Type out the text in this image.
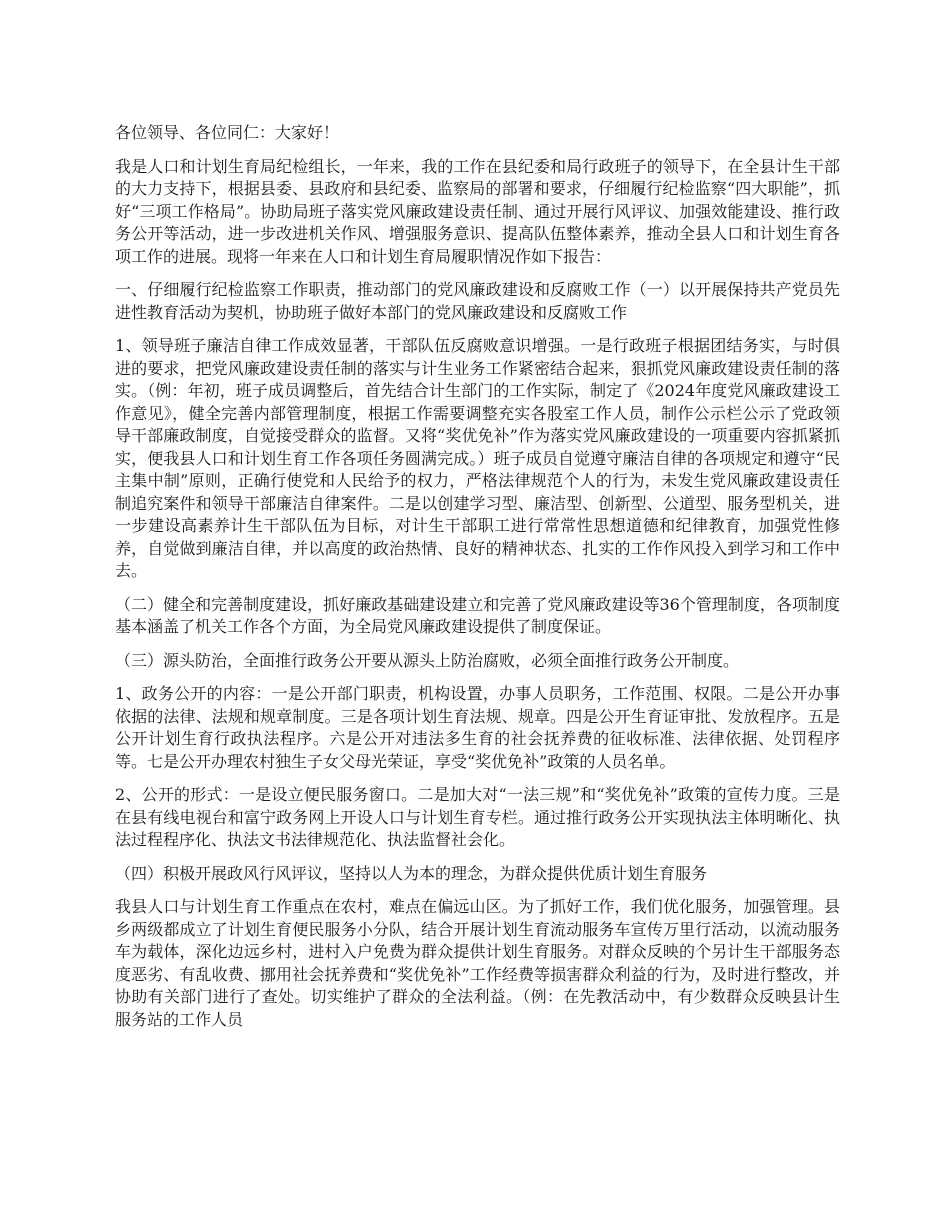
各位领导、各位同仁：大家好！

我是人口和计划生育局纪检组长，一年来，我的工作在县纪委和局行政班子的领导下，在全县计生干部的大力支持下，根据县委、县政府和县纪委、监察局的部署和要求，仔细履行纪检监察“四大职能”，抓好“三项工作格局”。协助局班子落实党风廉政建设责任制、通过开展行风评议、加强效能建设、推行政务公开等活动，进一步改进机关作风、增强服务意识、提高队伍整体素养，推动全县人口和计划生育各项工作的进展。现将一年来在人口和计划生育局履职情况作如下报告：

一、仔细履行纪检监察工作职责，推动部门的党风廉政建设和反腐败工作（一）以开展保持共产党员先进性教育活动为契机，协助班子做好本部门的党风廉政建设和反腐败工作

1、领导班子廉洁自律工作成效显著，干部队伍反腐败意识增强。一是行政班子根据团结务实，与时俱进的要求，把党风廉政建设责任制的落实与计生业务工作紧密结合起来，狠抓党风廉政建设责任制的落实。（例：年初，班子成员调整后，首先结合计生部门的工作实际，制定了《2024年度党风廉政建设工作意见》，健全完善内部管理制度，根据工作需要调整充实各股室工作人员，制作公示栏公示了党政领导干部廉政制度，自觉接受群众的监督。又将“奖优免补”作为落实党风廉政建设的一项重要内容抓紧抓实，便我县人口和计划生育工作各项任务圆满完成。）班子成员自觉遵守廉洁自律的各项规定和遵守“民主集中制”原则，正确行使党和人民给予的权力，严格法律规范个人的行为，未发生党风廉政建设责任制追究案件和领导干部廉洁自律案件。二是以创建学习型、廉洁型、创新型、公道型、服务型机关，进一步建设高素养计生干部队伍为目标，对计生干部职工进行常常性思想道德和纪律教育，加强党性修养，自觉做到廉洁自律，并以高度的政治热情、良好的精神状态、扎实的工作作风投入到学习和工作中去。

（二）健全和完善制度建设，抓好廉政基础建设建立和完善了党风廉政建设等36个管理制度，各项制度基本涵盖了机关工作各个方面，为全局党风廉政建设提供了制度保证。

（三）源头防治，全面推行政务公开要从源头上防治腐败，必须全面推行政务公开制度。

1、政务公开的内容：一是公开部门职责，机构设置，办事人员职务，工作范围、权限。二是公开办事依据的法律、法规和规章制度。三是各项计划生育法规、规章。四是公开生育证审批、发放程序。五是公开计划生育行政执法程序。六是公开对违法多生育的社会抚养费的征收标准、法律依据、处罚程序等。七是公开办理农村独生子女父母光荣证，享受“奖优免补”政策的人员名单。

2、公开的形式：一是设立便民服务窗口。二是加大对“一法三规”和“奖优免补”政策的宣传力度。三是在县有线电视台和富宁政务网上开设人口与计划生育专栏。通过推行政务公开实现执法主体明晰化、执法过程程序化、执法文书法律规范化、执法监督社会化。

（四）积极开展政风行风评议，坚持以人为本的理念，为群众提供优质计划生育服务

我县人口与计划生育工作重点在农村，难点在偏远山区。为了抓好工作，我们优化服务，加强管理。县乡两级都成立了计划生育便民服务小分队，结合开展计划生育流动服务车宣传万里行活动，以流动服务车为载体，深化边远乡村，进村入户免费为群众提供计划生育服务。对群众反映的个另计生干部服务态度恶劣、有乱收费、挪用社会抚养费和“奖优免补”工作经费等损害群众利益的行为，及时进行整改，并协助有关部门进行了查处。切实维护了群众的全法利益。（例：在先教活动中，有少数群众反映县计生服务站的工作人员
